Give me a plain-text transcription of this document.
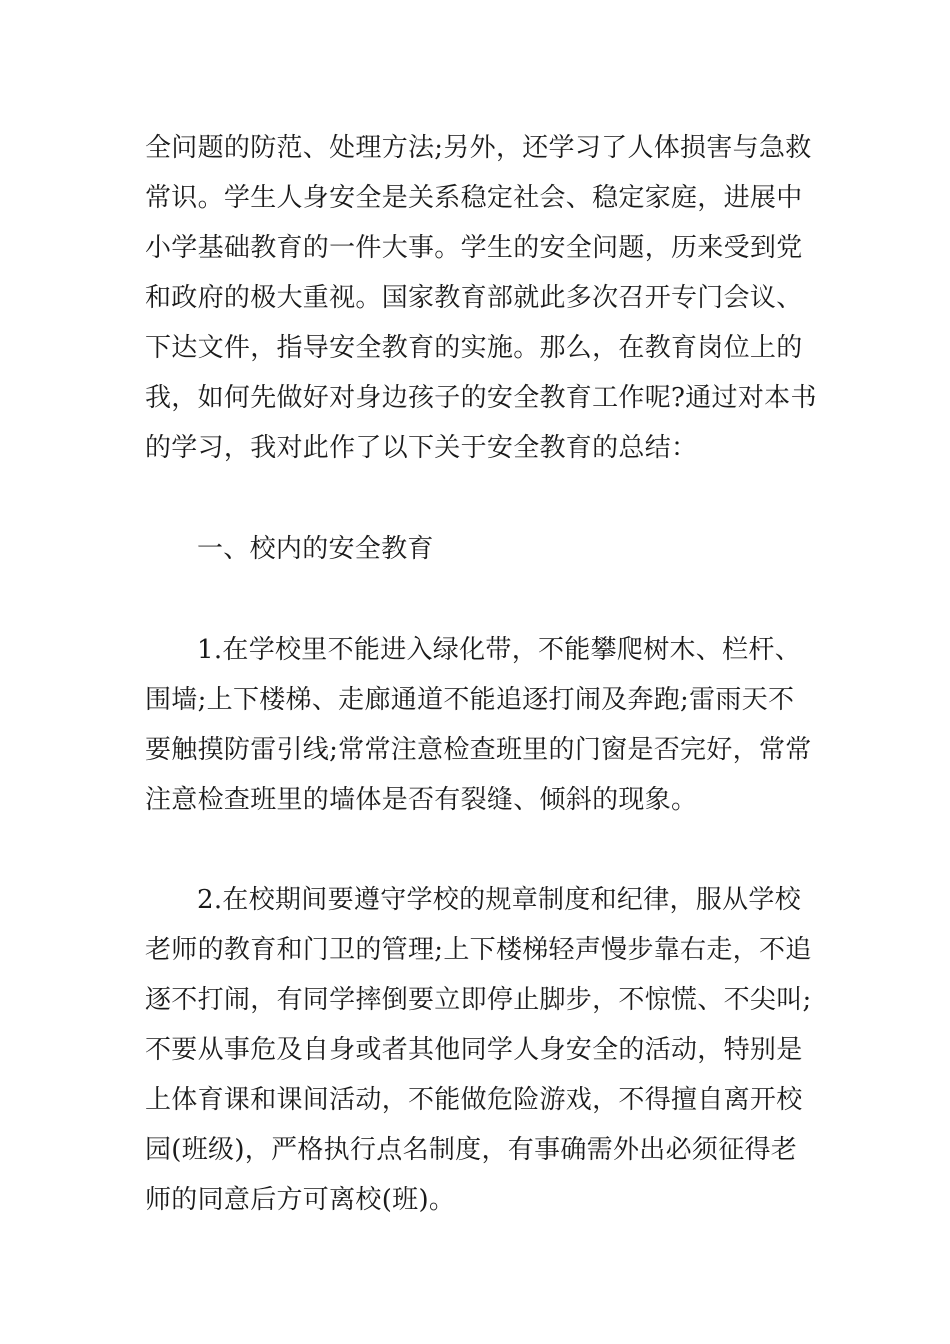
全问题的防范、处理方法;另外，还学习了人体损害与急救
常识。学生人身安全是关系稳定社会、稳定家庭，进展中
小学基础教育的一件大事。学生的安全问题，历来受到党
和政府的极大重视。国家教育部就此多次召开专门会议、
下达文件，指导安全教育的实施。那么，在教育岗位上的
我，如何先做好对身边孩子的安全教育工作呢?通过对本书
的学习，我对此作了以下关于安全教育的总结：
一、校内的安全教育
1.在学校里不能进入绿化带，不能攀爬树木、栏杆、
围墙;上下楼梯、走廊通道不能追逐打闹及奔跑;雷雨天不
要触摸防雷引线;常常注意检查班里的门窗是否完好，常常
注意检查班里的墙体是否有裂缝、倾斜的现象。
2.在校期间要遵守学校的规章制度和纪律，服从学校
老师的教育和门卫的管理;上下楼梯轻声慢步靠右走，不追
逐不打闹，有同学摔倒要立即停止脚步，不惊慌、不尖叫;
不要从事危及自身或者其他同学人身安全的活动，特别是
上体育课和课间活动，不能做危险游戏，不得擅自离开校
园(班级)，严格执行点名制度，有事确需外出必须征得老
师的同意后方可离校(班)。
